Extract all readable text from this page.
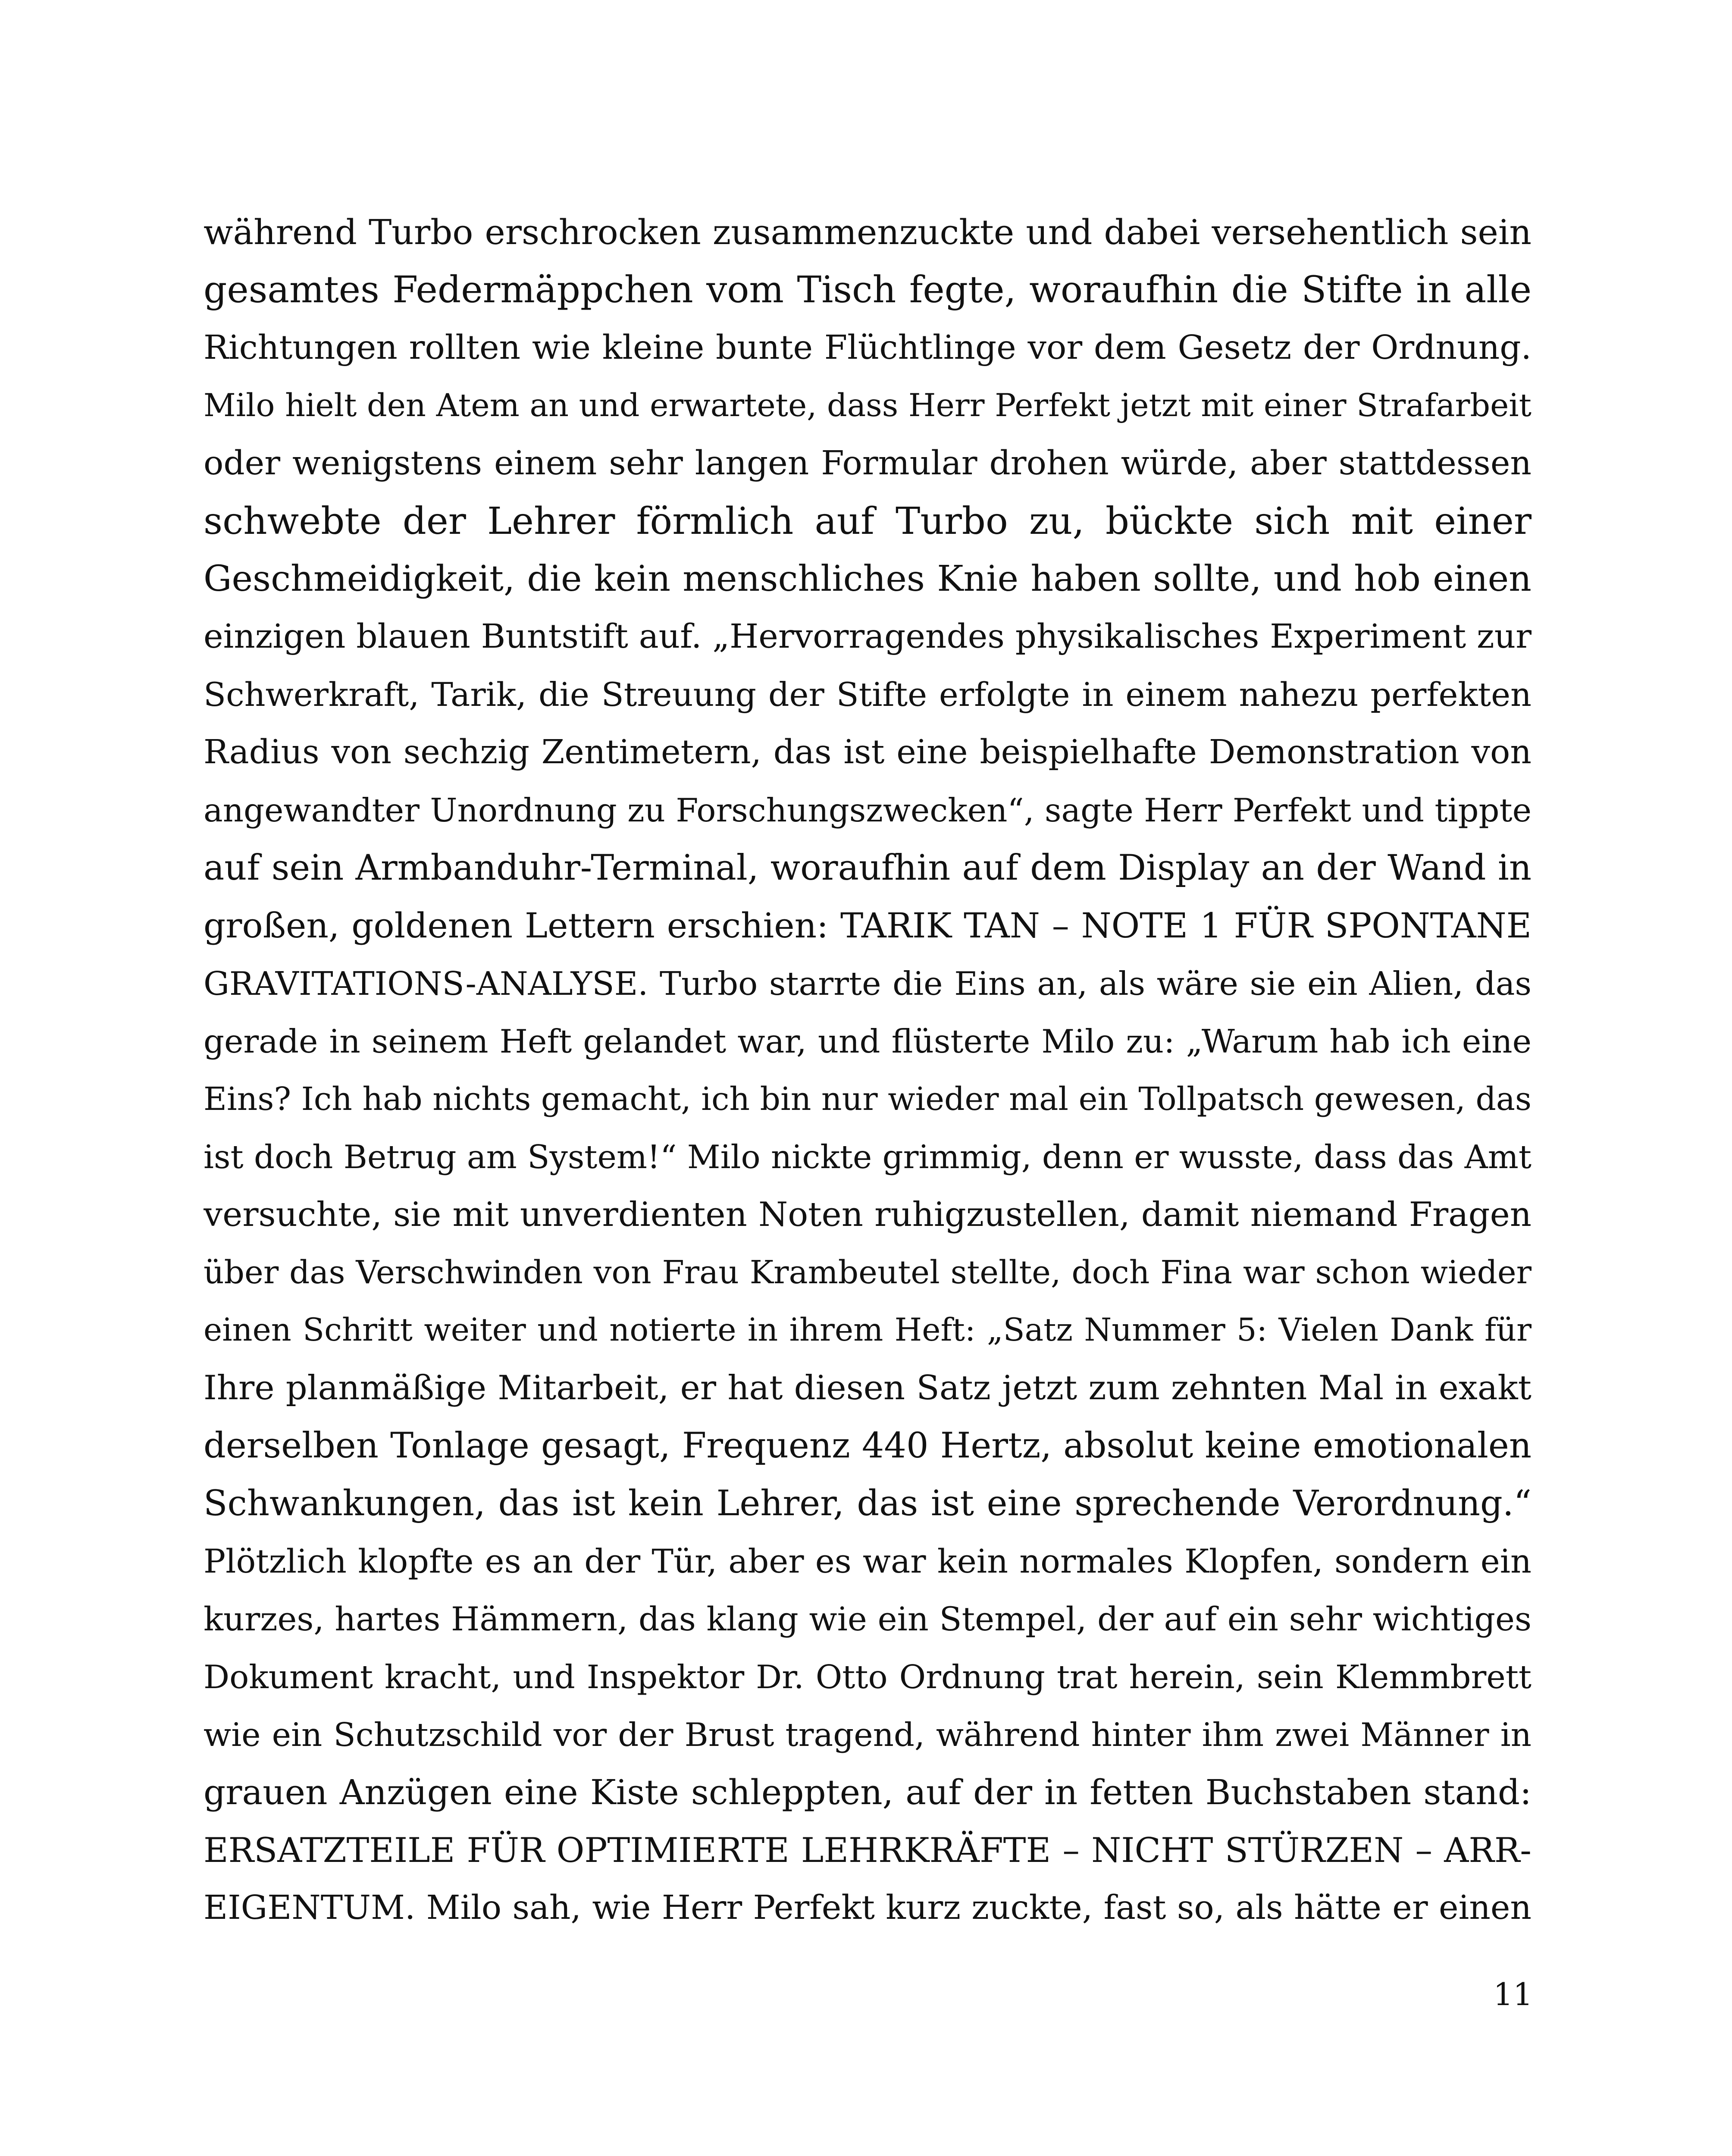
während Turbo erschrocken zusammenzuckte und dabei versehentlich sein
gesamtes Federmäppchen vom Tisch fegte, woraufhin die Stifte in alle
Richtungen rollten wie kleine bunte Flüchtlinge vor dem Gesetz der Ordnung.
Milo hielt den Atem an und erwartete, dass Herr Perfekt jetzt mit einer Strafarbeit
oder wenigstens einem sehr langen Formular drohen würde, aber stattdessen
schwebte der Lehrer förmlich auf Turbo zu, bückte sich mit einer
Geschmeidigkeit, die kein menschliches Knie haben sollte, und hob einen
einzigen blauen Buntstift auf. „Hervorragendes physikalisches Experiment zur
Schwerkraft, Tarik, die Streuung der Stifte erfolgte in einem nahezu perfekten
Radius von sechzig Zentimetern, das ist eine beispielhafte Demonstration von
angewandter Unordnung zu Forschungszwecken“, sagte Herr Perfekt und tippte
auf sein Armbanduhr-Terminal, woraufhin auf dem Display an der Wand in
großen, goldenen Lettern erschien: TARIK TAN – NOTE 1 FÜR SPONTANE
GRAVITATIONS-ANALYSE. Turbo starrte die Eins an, als wäre sie ein Alien, das
gerade in seinem Heft gelandet war, und flüsterte Milo zu: „Warum hab ich eine
Eins? Ich hab nichts gemacht, ich bin nur wieder mal ein Tollpatsch gewesen, das
ist doch Betrug am System!“ Milo nickte grimmig, denn er wusste, dass das Amt
versuchte, sie mit unverdienten Noten ruhigzustellen, damit niemand Fragen
über das Verschwinden von Frau Krambeutel stellte, doch Fina war schon wieder
einen Schritt weiter und notierte in ihrem Heft: „Satz Nummer 5: Vielen Dank für
Ihre planmäßige Mitarbeit, er hat diesen Satz jetzt zum zehnten Mal in exakt
derselben Tonlage gesagt, Frequenz 440 Hertz, absolut keine emotionalen
Schwankungen, das ist kein Lehrer, das ist eine sprechende Verordnung.“
Plötzlich klopfte es an der Tür, aber es war kein normales Klopfen, sondern ein
kurzes, hartes Hämmern, das klang wie ein Stempel, der auf ein sehr wichtiges
Dokument kracht, und Inspektor Dr. Otto Ordnung trat herein, sein Klemmbrett
wie ein Schutzschild vor der Brust tragend, während hinter ihm zwei Männer in
grauen Anzügen eine Kiste schleppten, auf der in fetten Buchstaben stand:
ERSATZTEILE FÜR OPTIMIERTE LEHRKRÄFTE – NICHT STÜRZEN – ARR-
EIGENTUM. Milo sah, wie Herr Perfekt kurz zuckte, fast so, als hätte er einen
11
